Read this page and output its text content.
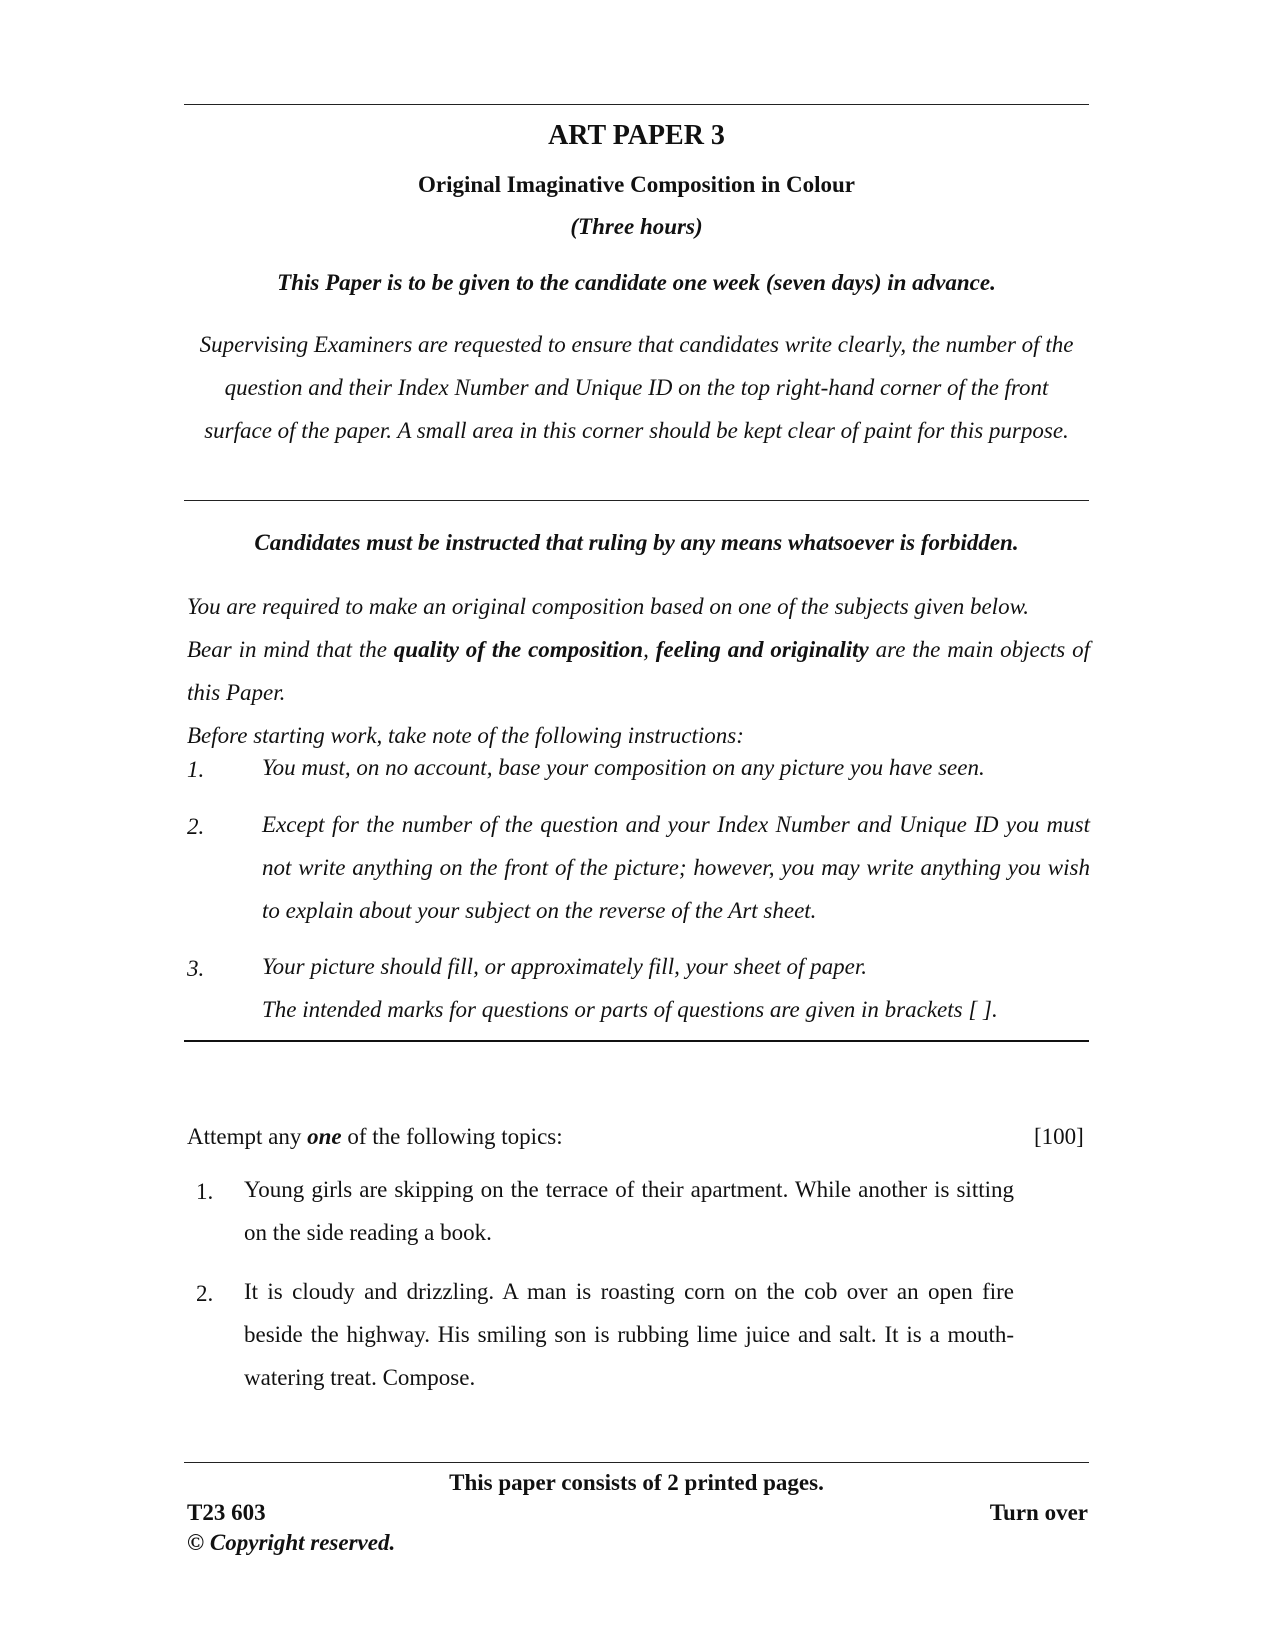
ART PAPER 3
Original Imaginative Composition in Colour
(Three hours)
This Paper is to be given to the candidate one week (seven days) in advance.
Supervising Examiners are requested to ensure that candidates write clearly, the number of the question and their Index Number and Unique ID on the top right-hand corner of the front surface of the paper. A small area in this corner should be kept clear of paint for this purpose.
Candidates must be instructed that ruling by any means whatsoever is forbidden.
You are required to make an original composition based on one of the subjects given below.
Bear in mind that the quality of the composition, feeling and originality are the main objects of this Paper.
Before starting work, take note of the following instructions:
1.	You must, on no account, base your composition on any picture you have seen.
2.	Except for the number of the question and your Index Number and Unique ID you must not write anything on the front of the picture; however, you may write anything you wish to explain about your subject on the reverse of the Art sheet.
3.	Your picture should fill, or approximately fill, your sheet of paper.
The intended marks for questions or parts of questions are given in brackets [ ].
Attempt any one of the following topics:	[100]
1. Young girls are skipping on the terrace of their apartment. While another is sitting on the side reading a book.
2. It is cloudy and drizzling. A man is roasting corn on the cob over an open fire beside the highway. His smiling son is rubbing lime juice and salt. It is a mouth-watering treat. Compose.
This paper consists of 2 printed pages.
T23 603	Turn over
© Copyright reserved.
